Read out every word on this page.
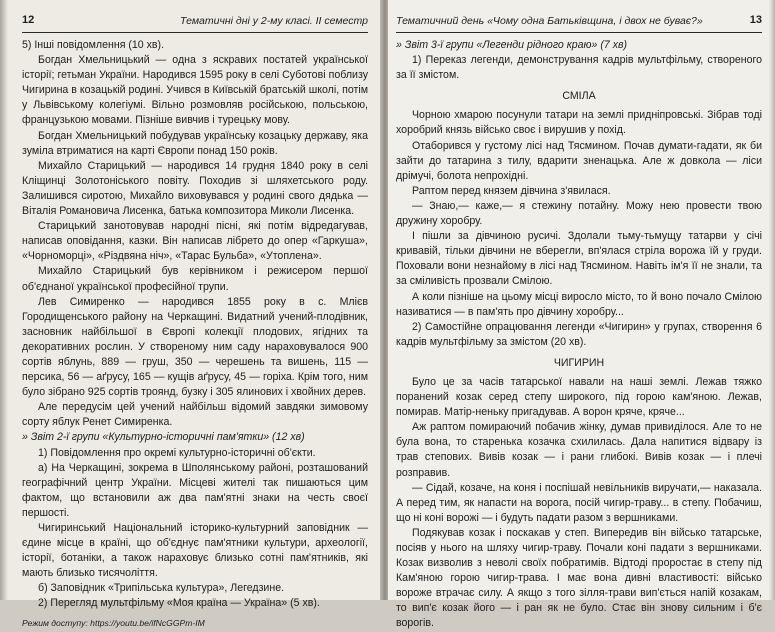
12	Тематичні дні у 2-му класі. ІІ семестр

5) Інші повідомлення (10 хв).

Богдан Хмельницький — одна з яскравих постатей української історії; гетьман України. Народився 1595 року в селі Суботові поблизу Чигирина в козацькій родині. Учився в Київській братській школі, потім у Львівському колегіумі. Вільно розмовляв російською, польською, французькою мовами. Пізніше вивчив і турецьку мову.

Богдан Хмельницький побудував українську козацьку державу, яка зуміла втриматися на карті Європи понад 150 років.

Михайло Старицький — народився 14 грудня 1840 року в селі Кліщинці Золотоніського повіту. Походив зі шляхетського роду. Залишився сиротою, Михайло виховувався у родині свого дядька — Віталія Романовича Лисенка, батька композитора Миколи Лисенка.

Старицький занотовував народні пісні, які потім відредагував, написав оповідання, казки. Він написав лібрето до опер «Гаркуша», «Чорноморці», «Різдвяна ніч», «Тарас Бульба», «Утоплена».

Михайло Старицький був керівником і режисером першої об'єднаної української професійної трупи.

Лев Симиренко — народився 1855 року в с. Млієв Городищенського району на Черкащині. Видатний учений-плодівник, засновник найбільшої в Європі колекції плодових, ягідних та декоративних рослин. У створеному ним саду нараховувалося 900 сортів яблунь, 889 — груш, 350 — черешень та вишень, 115 — персика, 56 — аґрусу, 165 — кущів аґрусу, 45 — горіха. Крім того, ним було зібрано 925 сортів троянд, бузку і 305 ялинових і хвойних дерев.

Але передусім цей учений найбільш відомий завдяки зимовому сорту яблук Ренет Симиренка.

» Звіт 2-ї групи «Культурно-історичні пам'ятки» (12 хв)

1) Повідомлення про окремі культурно-історичні об'єкти.

а) На Черкащині, зокрема в Шполянському районі, розташований географічний центр України. Місцеві жителі так пишаються цим фактом, що встановили аж два пам'ятні знаки на честь своєї першості.

Чигиринський Національний історико-культурний заповідник — єдине місце в країні, що об'єднує пам'ятники культури, археології, історії, ботаніки, а також нараховує близько сотні пам'ятників, які мають близько тисячоліття.

б) Заповідник «Трипільська культура», Легедзине.

2) Перегляд мультфільму «Моя країна — Україна» (5 хв).

Режим доступу: https://youtu.be/ifNcGGPm-IM

Тематичний день «Чому одна Батьківщина, і двох не буває?»	13

» Звіт 3-ї групи «Легенди рідного краю» (7 хв)

1) Переказ легенди, демонстрування кадрів мультфільму, створеного за її змістом.

СМІЛА

Чорною хмарою посунули татари на землі придніпровські. Зібрав тоді хоробрий князь військо своє і вирушив у похід.

Отаборився у густому лісі над Тясмином. Почав думати-гадати, як би зайти до татарина з тилу, вдарити зненацька. Але ж довкола — ліси дрімучі, болота непрохідні.

Раптом перед князем дівчина з'явилася.

— Знаю,— каже,— я стежину потайну. Можу нею провести твою дружину хоробру.

І пішли за дівчиною русичі. Здолали тьму-тьмущу татарви у січі кривавій, тільки дівчини не вберегли, вп'ялася стріла ворожа їй у груди. Поховали вони незнайому в лісі над Тясмином. Навіть ім'я її не знали, та за сміливість прозвали Смілою.

А коли пізніше на цьому місці виросло місто, то й воно почало Смілою називатися — в пам'ять про дівчину хоробру...

2) Самостійне опрацювання легенди «Чигирин» у групах, створення 6 кадрів мультфільму за змістом (20 хв).

ЧИГИРИН

Було це за часів татарської навали на наші землі. Лежав тяжко поранений козак серед степу широкого, під горою кам'яною. Лежав, помирав. Матір-неньку пригадував. А ворон кряче, кряче...

Аж раптом помираючий побачив жінку, думав привиділося. Але то не була вона, то старенька козачка схилилась. Дала напитися відвару із трав степових. Вивів козак — і рани глибокі. Вивів козак — і плечі розправив.

— Сідай, козаче, на коня і поспішай невільників виручати,— наказала. А перед тим, як напасти на ворога, посій чигир-траву... в степу. Побачиш, що ні коні ворожі — і будуть падати разом з вершниками.

Подякував козак і поскакав у степ. Випередив він військо татарське, посіяв у нього на шляху чигир-траву. Почали коні падати з вершниками. Козак визволив з неволі своїх побратимів. Відтоді проростає в степу під Кам'яною горою чигир-трава. І має вона дивні властивості: військо вороже втрачає силу. А якщо з того зілля-трави вип'ється напій козакам, то вип'є козак його — і ран як не було. Стає він знову сильним і б'є ворогів.
